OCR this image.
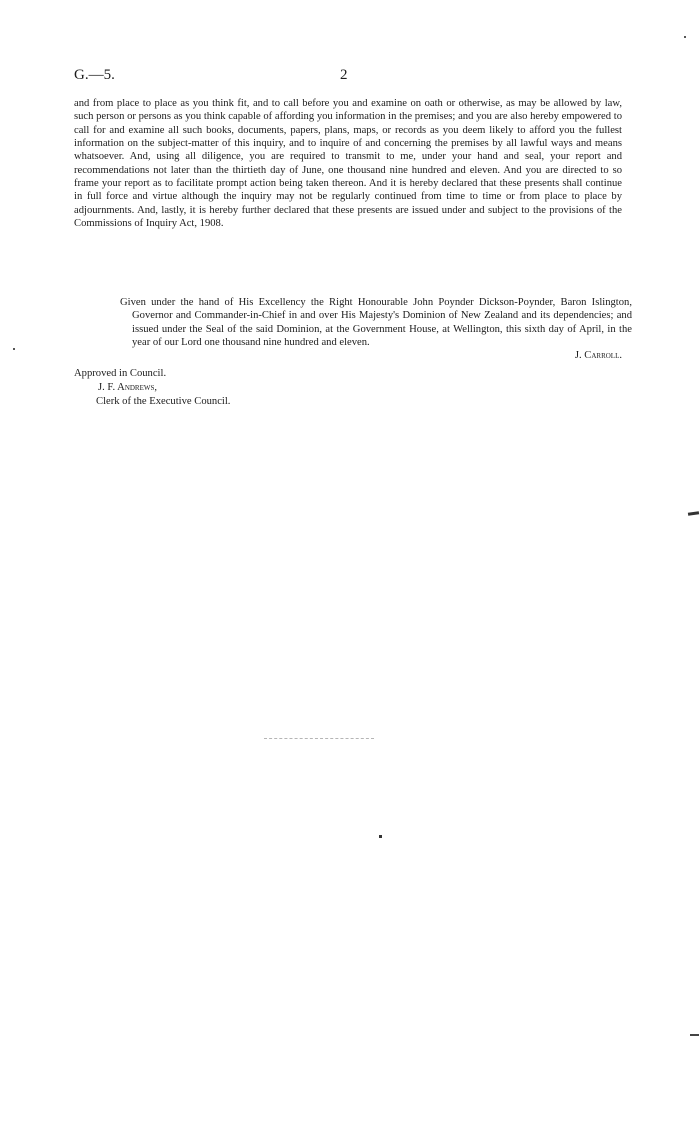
G.—5.	2

and from place to place as you think fit, and to call before you and examine on oath or otherwise, as may be allowed by law, such person or persons as you think capable of affording you information in the premises; and you are also hereby empowered to call for and examine all such books, documents, papers, plans, maps, or records as you deem likely to afford you the fullest information on the subject-matter of this inquiry, and to inquire of and concerning the premises by all lawful ways and means whatsoever. And, using all diligence, you are required to transmit to me, under your hand and seal, your report and recommendations not later than the thirtieth day of June, one thousand nine hundred and eleven. And you are directed to so frame your report as to facilitate prompt action being taken thereon. And it is hereby declared that these presents shall continue in full force and virtue although the inquiry may not be regularly continued from time to time or from place to place by adjournments. And, lastly, it is hereby further declared that these presents are issued under and subject to the provisions of the Commissions of Inquiry Act, 1908.

Given under the hand of His Excellency the Right Honourable John Poynder Dickson-Poynder, Baron Islington, Governor and Commander-in-Chief in and over His Majesty's Dominion of New Zealand and its dependencies; and issued under the Seal of the said Dominion, at the Government House, at Wellington, this sixth day of April, in the year of our Lord one thousand nine hundred and eleven.

J. Carroll.
Approved in Council.
J. F. Andrews,
Clerk of the Executive Council.
